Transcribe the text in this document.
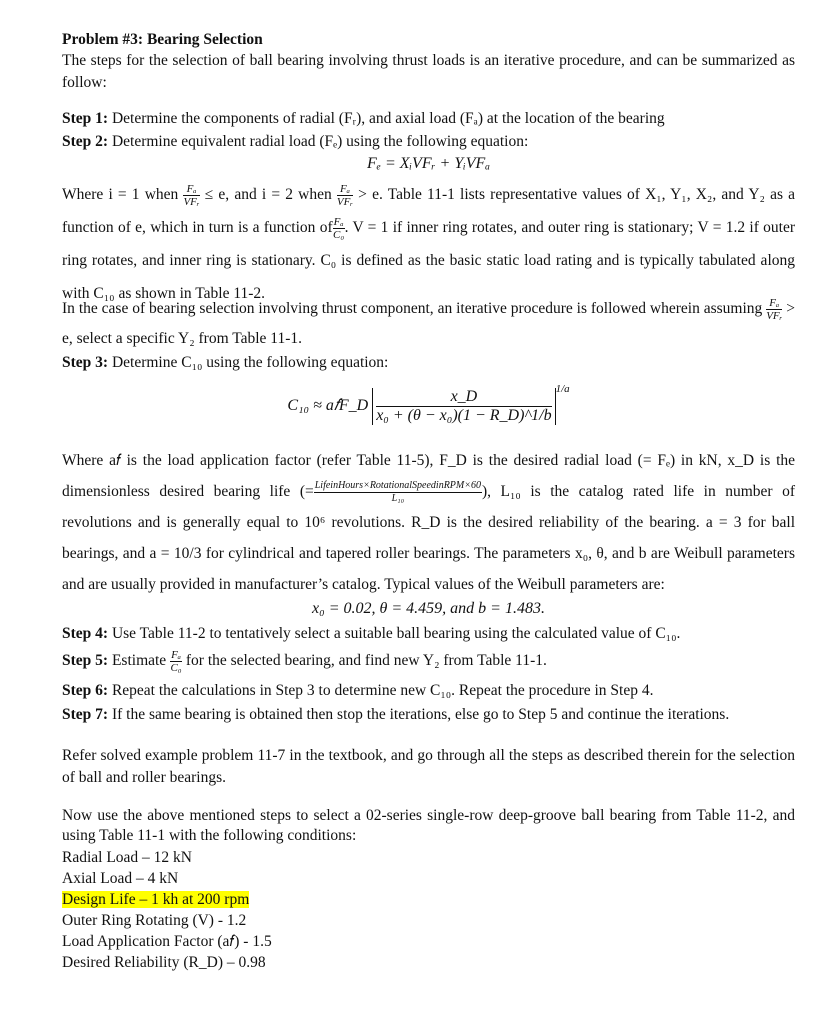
Problem #3: Bearing Selection
The steps for the selection of ball bearing involving thrust loads is an iterative procedure, and can be summarized as follow:
Step 1: Determine the components of radial (Fᵣ), and axial load (Fₐ) at the location of the bearing
Step 2: Determine equivalent radial load (Fₑ) using the following equation:
Fₑ = XᵢVFᵣ + YᵢVFₐ
Where i = 1 when $\frac{\text{Fₐ}}{\text{VFᵣ}} \le e$, and i = 2 when $\frac{\text{Fₐ}}{\text{VFᵣ}} > e$. Table 11-1 lists representative values of X₁, Y₁, X₂, and Y₂ as a function of e, which in turn is a function of $\frac{\text{Fₐ}}{\text{C₀}}$ . V = 1 if inner ring rotates, and outer ring is stationary; V = 1.2 if outer ring rotates, and inner ring is stationary. C₀ is defined as the basic static load rating and is typically tabulated along with C₁₀ as shown in Table 11-2.
In the case of bearing selection involving thrust component, an iterative procedure is followed wherein assuming $\frac{\text{Fₐ}}{\text{VFᵣ}} > e$, select a specific Y₂ from Table 11-1.
Step 3: Determine C₁₀ using the following equation:
C₁₀ ≈ a𝑓F_D $\frac{x\_D}{\text{x₀ + (θ − x₀)(1 − R\_D)\textasciicircum{}1/b}} ^{1/a}$
Where a𝑓 is the load application factor (refer Table 11-5), F_D is the desired radial load (= Fₑ) in kN, x_D is the dimensionless desired bearing life (= $\frac{\text{LifeinHours×RotationalSpeedinRPM×60}}{\text{L₁₀}}$ ), L₁₀ is the catalog rated life in number of revolutions and is generally equal to 10⁶ revolutions. R_D is the desired reliability of the bearing. a = 3 for ball bearings, and a = 10/3 for cylindrical and tapered roller bearings. The parameters x₀, θ, and b are Weibull parameters and are usually provided in manufacturer’s catalog. Typical values of the Weibull parameters are:
x₀ = 0.02, θ = 4.459, and b = 1.483.
Step 4: Use Table 11-2 to tentatively select a suitable ball bearing using the calculated value of C₁₀.
Step 5: Estimate $\frac{\text{Fₐ}}{\text{C₀}}$ for the selected bearing, and find new Y₂ from Table 11-1.
Step 6: Repeat the calculations in Step 3 to determine new C₁₀. Repeat the procedure in Step 4.
Step 7: If the same bearing is obtained then stop the iterations, else go to Step 5 and continue the iterations.
Refer solved example problem 11-7 in the textbook, and go through all the steps as described therein for the selection of ball and roller bearings.
Now use the above mentioned steps to select a 02-series single-row deep-groove ball bearing from Table 11-2, and using Table 11-1 with the following conditions:
Radial Load – 12 kN
Axial Load – 4 kN
Design Life – 1 kh at 200 rpm
Outer Ring Rotating (V) - 1.2
Load Application Factor (a𝑓) - 1.5
Desired Reliability (R_D) – 0.98
